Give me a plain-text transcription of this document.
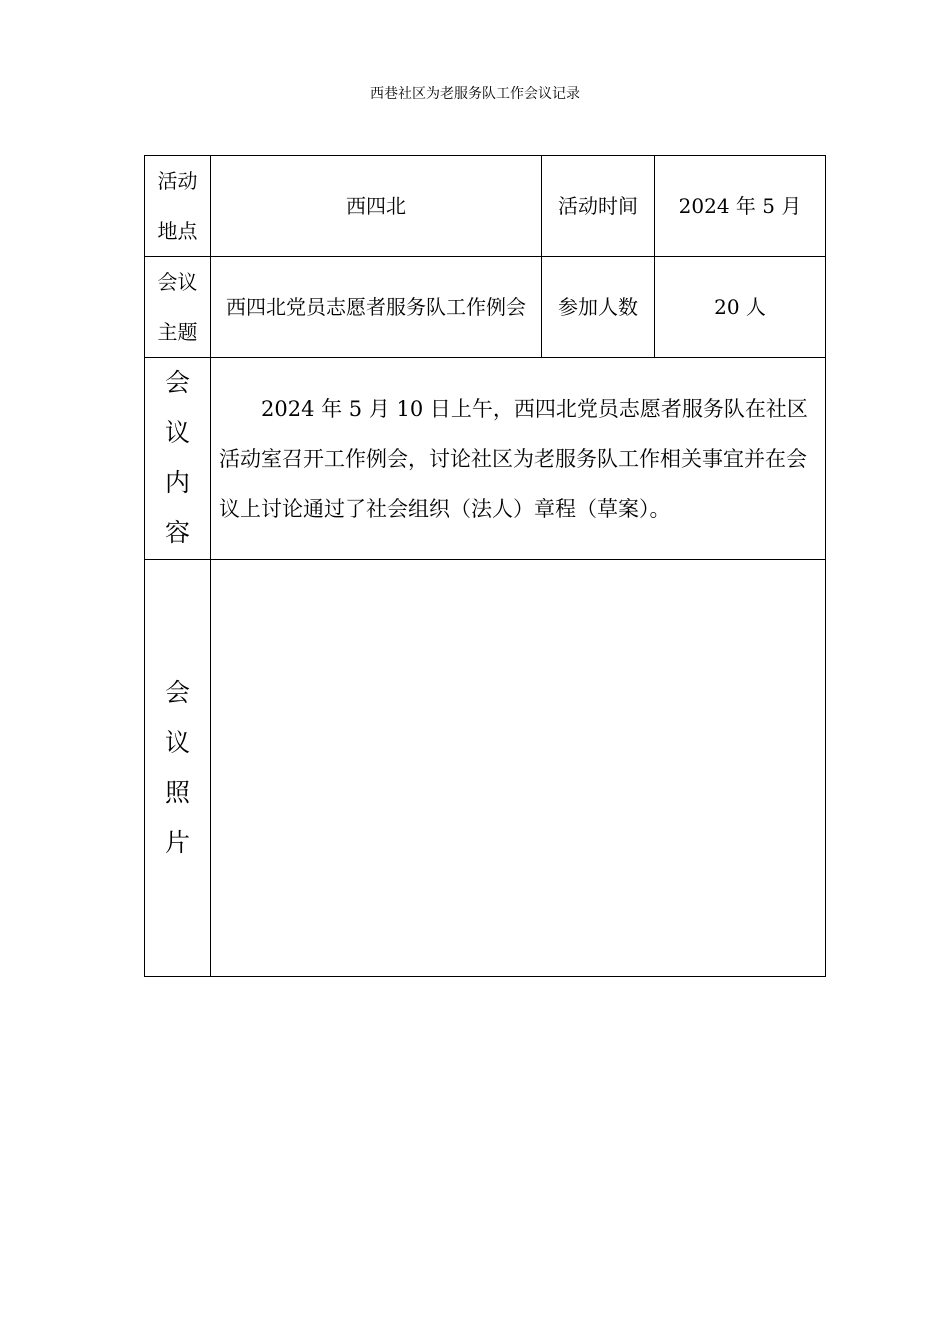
西巷社区为老服务队工作会议记录
活动地点	西四北	活动时间	2024 年 5 月
会议主题	西四北党员志愿者服务队工作例会	参加人数	20 人
会议内容	2024 年 5 月 10 日上午，西四北党员志愿者服务队在社区活动室召开工作例会，讨论社区为老服务队工作相关事宜并在会议上讨论通过了社会组织（法人）章程（草案）。		
会议照片			
